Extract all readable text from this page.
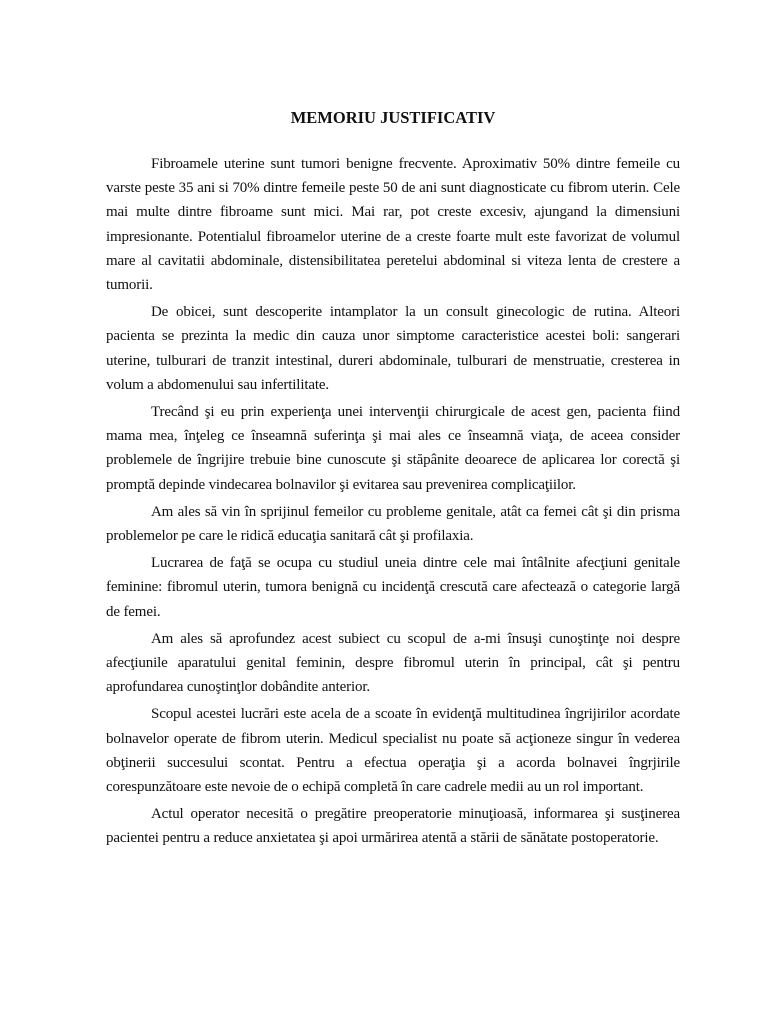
MEMORIU JUSTIFICATIV

Fibroamele uterine sunt tumori benigne frecvente. Aproximativ 50% dintre femeile cu varste peste 35 ani si 70% dintre femeile peste 50 de ani sunt diagnosticate cu fibrom uterin. Cele mai multe dintre fibroame sunt mici. Mai rar, pot creste excesiv, ajungand la dimensiuni impresionante. Potentialul fibroamelor uterine de a creste foarte mult este favorizat de volumul mare al cavitatii abdominale, distensibilitatea peretelui abdominal si viteza lenta de crestere a tumorii.

De obicei, sunt descoperite intamplator la un consult ginecologic de rutina. Alteori pacienta se prezinta la medic din cauza unor simptome caracteristice acestei boli: sangerari uterine, tulburari de tranzit intestinal, dureri abdominale, tulburari de menstruatie, cresterea in volum a abdomenului sau infertilitate.

Trecând şi eu prin experienţa unei intervenţii chirurgicale de acest gen, pacienta fiind mama mea, înţeleg ce înseamnă suferinţa şi mai ales ce înseamnă viaţa, de aceea consider problemele de îngrijire trebuie bine cunoscute şi stăpânite deoarece de aplicarea lor corectă şi promptă depinde vindecarea bolnavilor şi evitarea sau prevenirea complicaţiilor.

Am ales să vin în sprijinul femeilor cu probleme genitale, atât ca femei cât şi din prisma problemelor pe care le ridică educaţia sanitară cât şi profilaxia.

Lucrarea de faţă se ocupa cu studiul uneia dintre cele mai întâlnite afecţiuni genitale feminine: fibromul uterin, tumora benignă cu incidenţă crescută care afectează o categorie largă de femei.

Am ales să aprofundez acest subiect cu scopul de a-mi însuşi cunoştinţe noi despre afecţiunile aparatului genital feminin, despre fibromul uterin în principal, cât şi pentru aprofundarea cunoştinţlor dobândite anterior.

Scopul acestei lucrări este acela de a scoate în evidenţă multitudinea îngrijirilor acordate bolnavelor operate de fibrom uterin. Medicul specialist nu poate să acţioneze singur în vederea obţinerii succesului scontat. Pentru a efectua operaţia şi a acorda bolnavei îngrjirile corespunzătoare este nevoie de o echipă completă în care cadrele medii au un rol important.

Actul operator necesită o pregătire preoperatorie minuţioasă, informarea şi susţinerea pacientei pentru a reduce anxietatea şi apoi urmărirea atentă a stării de sănătate postoperatorie.
